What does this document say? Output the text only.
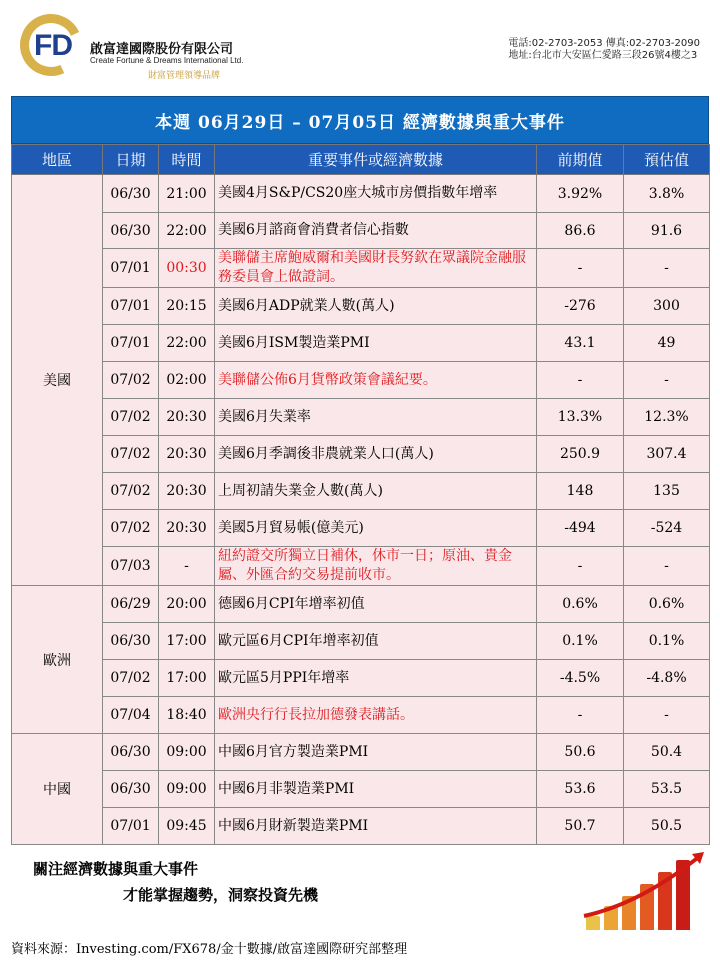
FD 啟富達國際股份有限公司
Create Fortune & Dreams International Ltd.
財富管理領導品牌
電話:02-2703-2053 傳真:02-2703-2090
地址:台北市大安區仁愛路三段26號4樓之3
本週 06月29日 – 07月05日 經濟數據與重大事件
地區	日期	時間	重要事件或經濟數據	前期值	預估值
美國	06/30	21:00	美國4月S&P/CS20座大城市房價指數年增率	3.92%	3.8%
	06/30	22:00	美國6月諮商會消費者信心指數	86.6	91.6
	07/01	00:30	美聯儲主席鮑威爾和美國財長努欽在眾議院金融服務委員會上做證詞。	-	-
	07/01	20:15	美國6月ADP就業人數(萬人)	-276	300
	07/01	22:00	美國6月ISM製造業PMI	43.1	49
	07/02	02:00	美聯儲公佈6月貨幣政策會議紀要。	-	-
	07/02	20:30	美國6月失業率	13.3%	12.3%
	07/02	20:30	美國6月季調後非農就業人口(萬人)	250.9	307.4
	07/02	20:30	上周初請失業金人數(萬人)	148	135
	07/02	20:30	美國5月貿易帳(億美元)	-494	-524
	07/03	-	紐約證交所獨立日補休，休市一日；原油、貴金屬、外匯合約交易提前收市。	-	-
歐洲	06/29	20:00	德國6月CPI年增率初值	0.6%	0.6%
	06/30	17:00	歐元區6月CPI年增率初值	0.1%	0.1%
	07/02	17:00	歐元區5月PPI年增率	-4.5%	-4.8%
	07/04	18:40	歐洲央行行長拉加德發表講話。	-	-
中國	06/30	09:00	中國6月官方製造業PMI	50.6	50.4
	06/30	09:00	中國6月非製造業PMI	53.6	53.5
	07/01	09:45	中國6月財新製造業PMI	50.7	50.5
關注經濟數據與重大事件
才能掌握趨勢，洞察投資先機
資料來源：Investing.com/FX678/金十數據/啟富達國際研究部整理
